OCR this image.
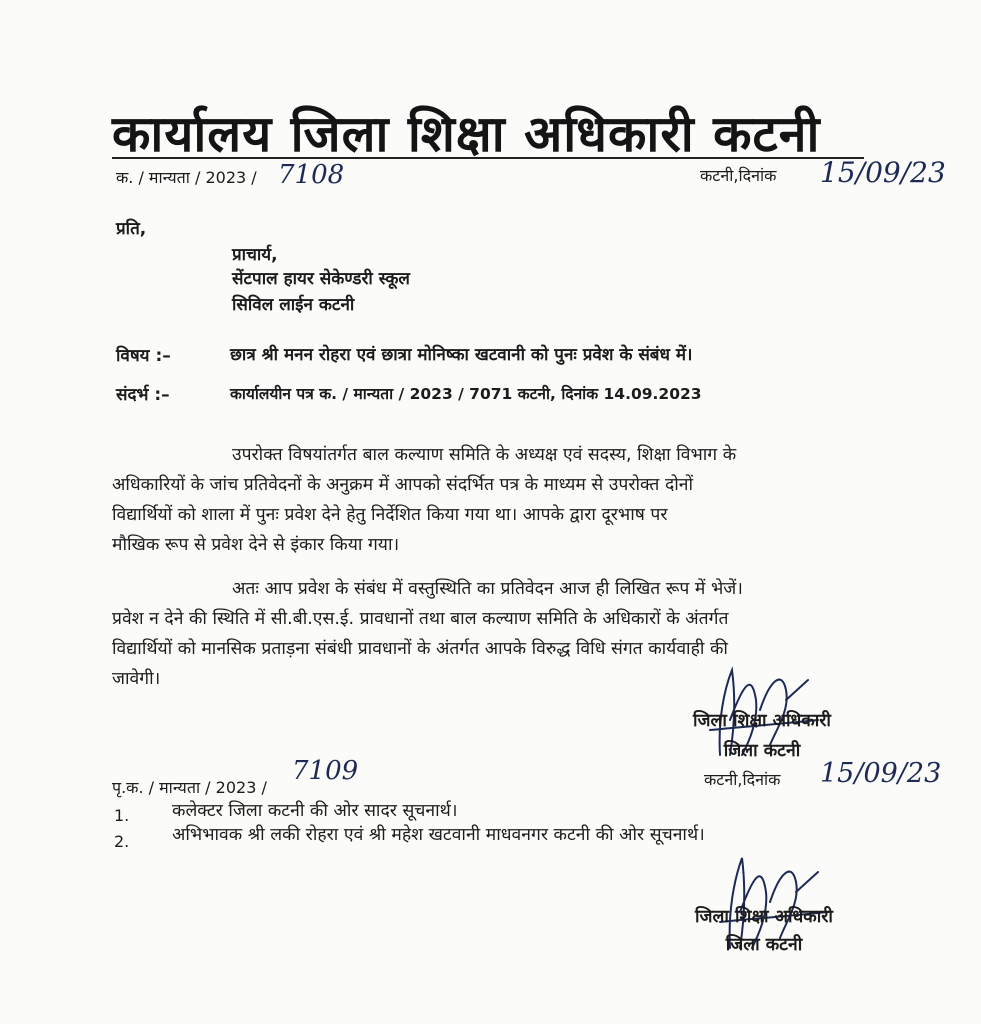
कार्यालय जिला शिक्षा अधिकारी कटनी
क. / मान्यता / 2023 / 7108	कटनी,दिनांक 15/09/23
प्रति,
प्राचार्य,
सेंटपाल हायर सेकेण्डरी स्कूल
सिविल लाईन कटनी
विषय :–	छात्र श्री मनन रोहरा एवं छात्रा मोनिष्का खटवानी को पुनः प्रवेश के संबंध में।
संदर्भ :–	कार्यालयीन पत्र क. / मान्यता / 2023 / 7071 कटनी, दिनांक 14.09.2023
उपरोक्त विषयांतर्गत बाल कल्याण समिति के अध्यक्ष एवं सदस्य, शिक्षा विभाग के
अधिकारियों के जांच प्रतिवेदनों के अनुक्रम में आपको संदर्भित पत्र के माध्यम से उपरोक्त दोनों
विद्यार्थियों को शाला में पुनः प्रवेश देने हेतु निर्देशित किया गया था। आपके द्वारा दूरभाष पर
मौखिक रूप से प्रवेश देने से इंकार किया गया।
अतः आप प्रवेश के संबंध में वस्तुस्थिति का प्रतिवेदन आज ही लिखित रूप में भेजें।
प्रवेश न देने की स्थिति में सी.बी.एस.ई. प्रावधानों तथा बाल कल्याण समिति के अधिकारों के अंतर्गत
विद्यार्थियों को मानसिक प्रताड़ना संबंधी प्रावधानों के अंतर्गत आपके विरुद्ध विधि संगत कार्यवाही की
जावेगी।
जिला शिक्षा अधिकारी
जिला कटनी
पृ.क. / मान्यता / 2023 /
7109	कटनी,दिनांक 15/09/23
1. कलेक्टर जिला कटनी की ओर सादर सूचनार्थ।
2. अभिभावक श्री लकी रोहरा एवं श्री महेश खटवानी माधवनगर कटनी की ओर सूचनार्थ।
जिला शिक्षा अधिकारी
जिला कटनी
